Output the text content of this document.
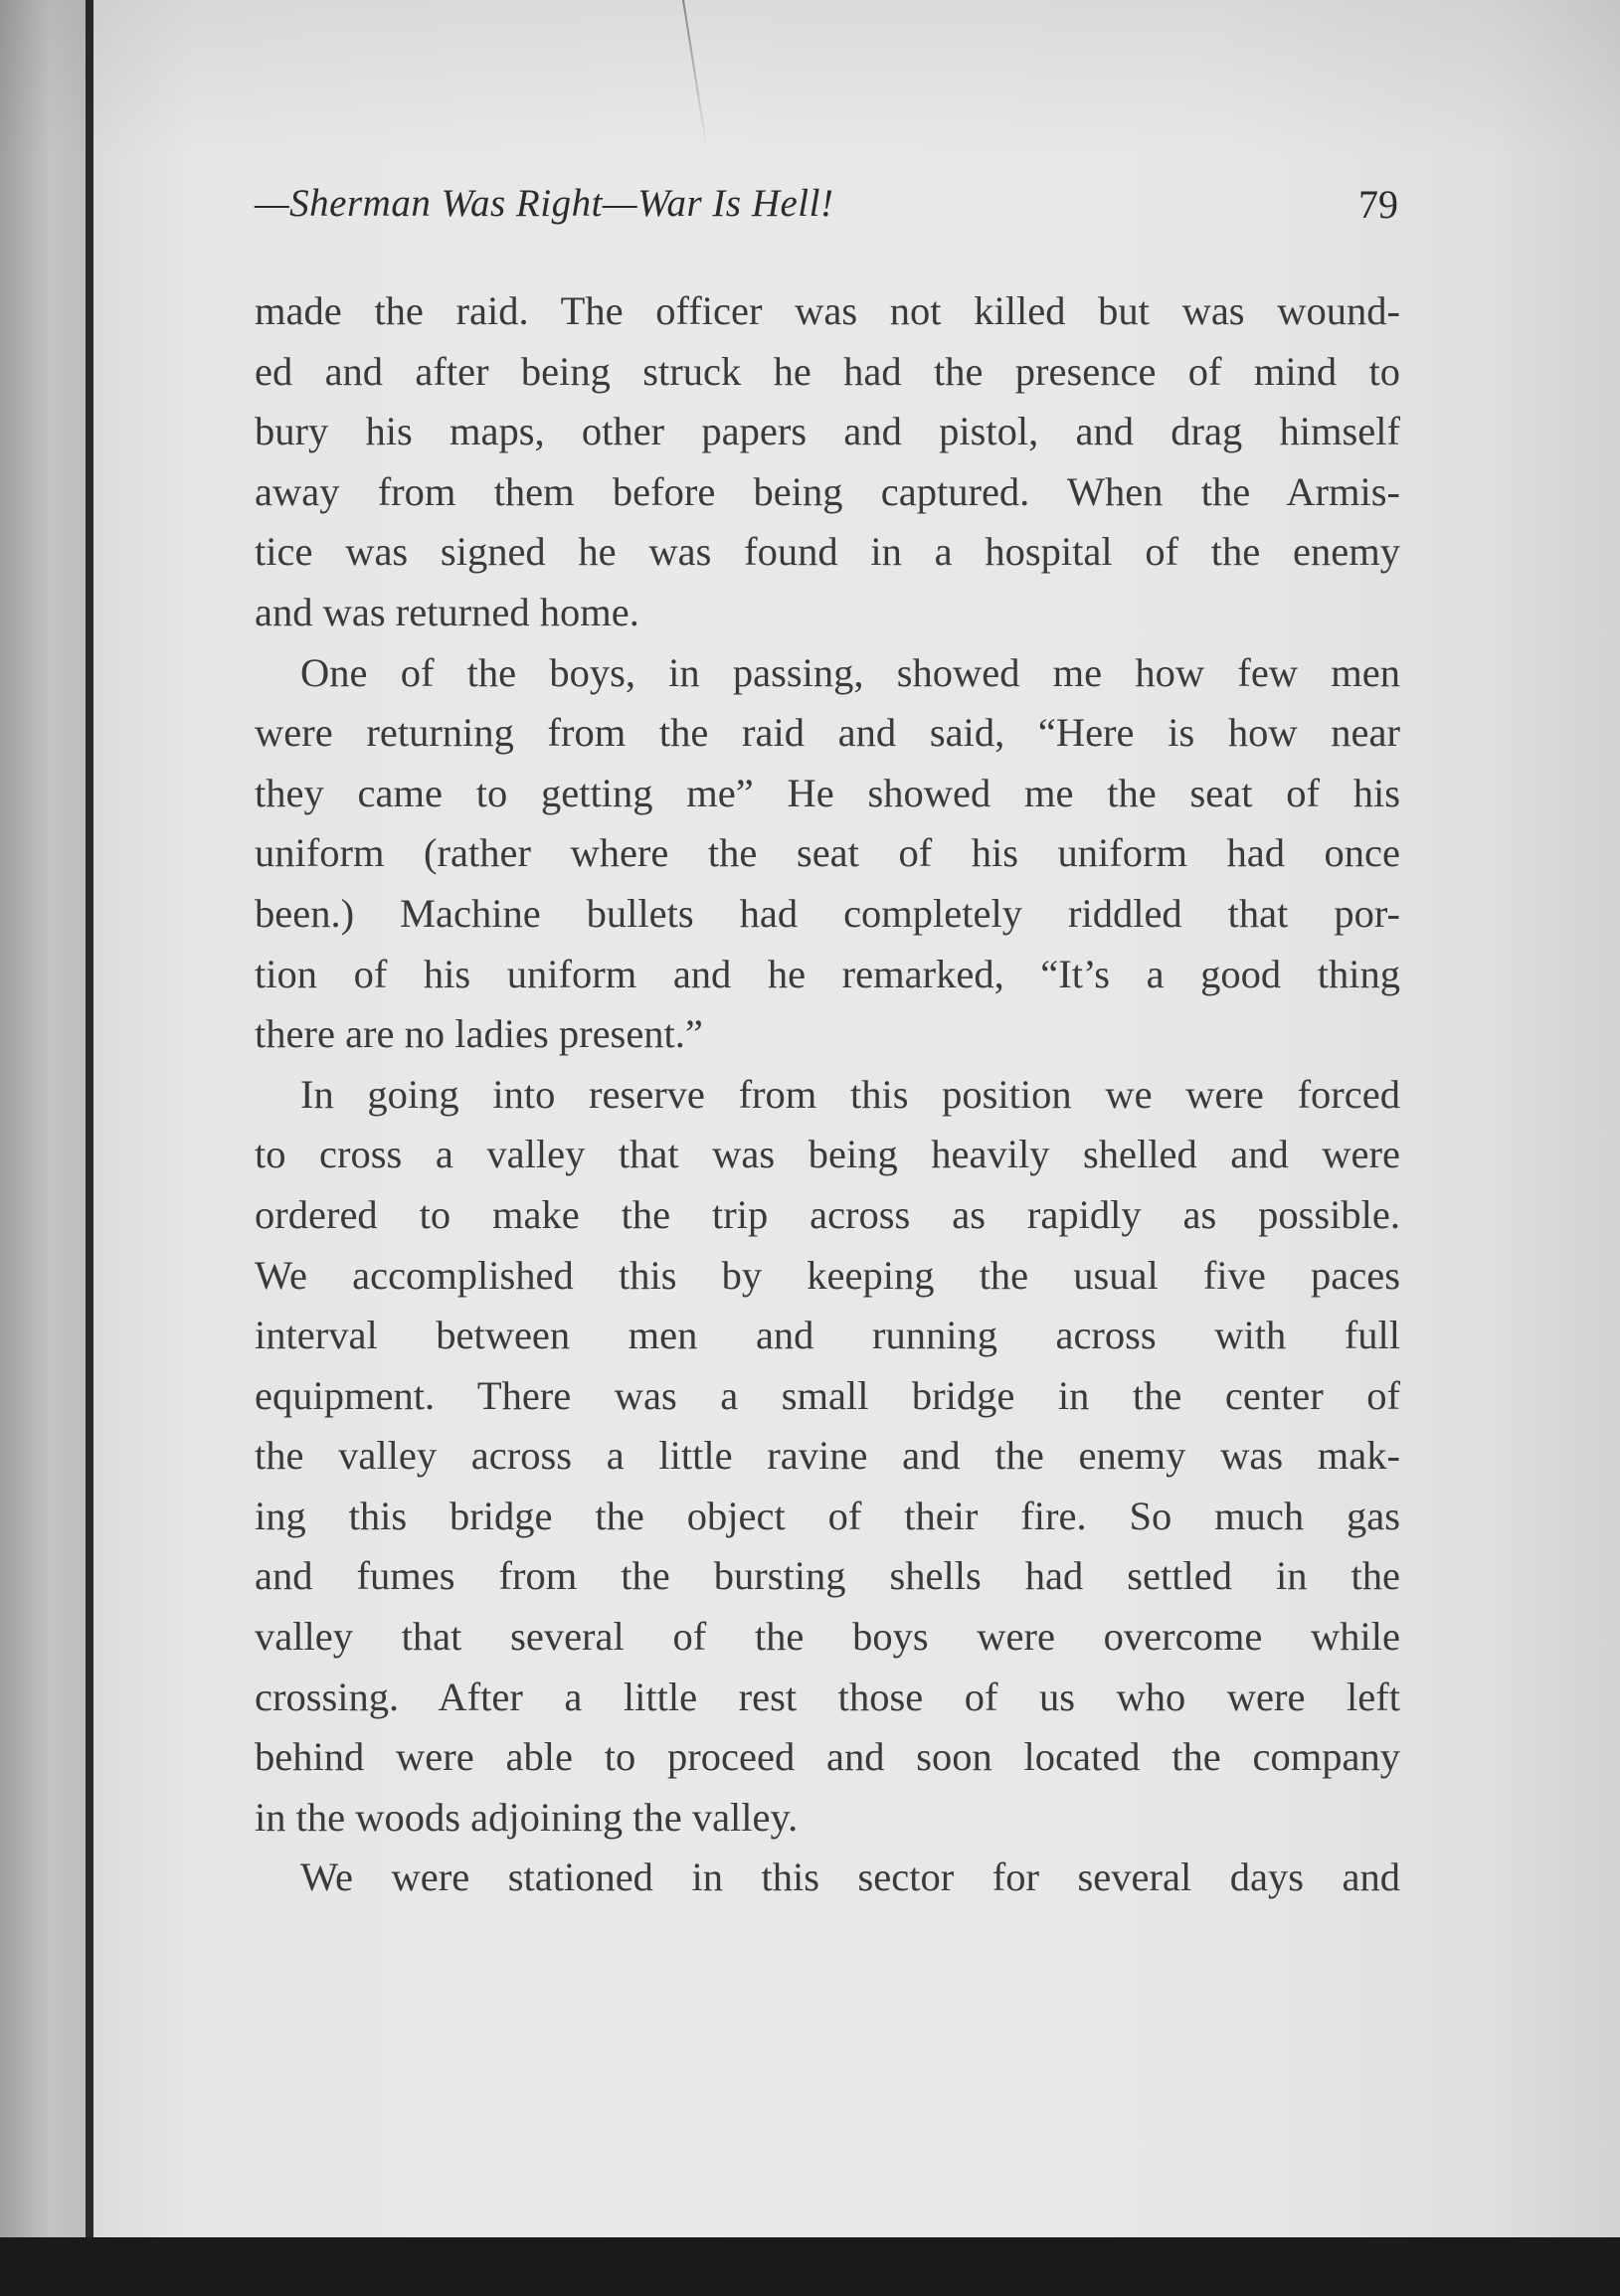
—Sherman Was Right—War Is Hell!	79
made the raid. The officer was not killed but was wound-
ed and after being struck he had the presence of mind to
bury his maps, other papers and pistol, and drag himself
away from them before being captured. When the Armis-
tice was signed he was found in a hospital of the enemy
and was returned home.
One of the boys, in passing, showed me how few men
were returning from the raid and said, “Here is how near
they came to getting me” He showed me the seat of his
uniform (rather where the seat of his uniform had once
been.) Machine bullets had completely riddled that por-
tion of his uniform and he remarked, “It’s a good thing
there are no ladies present.”
In going into reserve from this position we were forced
to cross a valley that was being heavily shelled and were
ordered to make the trip across as rapidly as possible.
We accomplished this by keeping the usual five paces
interval between men and running across with full
equipment. There was a small bridge in the center of
the valley across a little ravine and the enemy was mak-
ing this bridge the object of their fire. So much gas
and fumes from the bursting shells had settled in the
valley that several of the boys were overcome while
crossing. After a little rest those of us who were left
behind were able to proceed and soon located the company
in the woods adjoining the valley.
We were stationed in this sector for several days and
